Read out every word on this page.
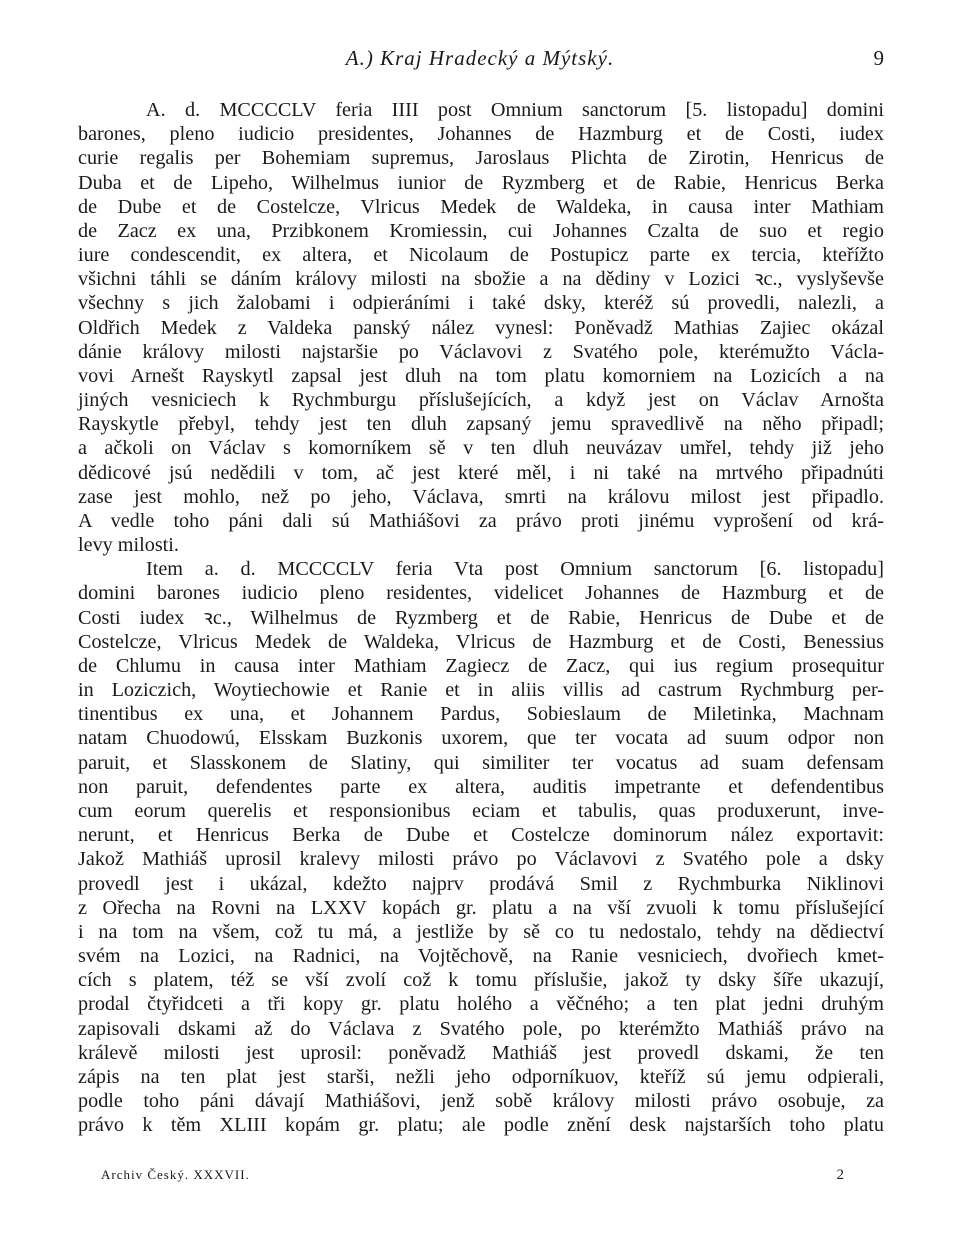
A.) Kraj Hradecký a Mýtský.	9
A. d. MCCCCLV feria IIII post Omnium sanctorum [5. listopadu] domini
barones, pleno iudicio presidentes, Johannes de Hazmburg et de Costi, iudex
curie regalis per Bohemiam supremus, Jaroslaus Plichta de Zirotin, Henricus de
Duba et de Lipeho, Wilhelmus iunior de Ryzmberg et de Rabie, Henricus Berka
de Dube et de Costelcze, Vlricus Medek de Waldeka, in causa inter Mathiam
de Zacz ex una, Przibkonem Kromiessin, cui Johannes Czalta de suo et regio
iure condescendit, ex altera, et Nicolaum de Postupicz parte ex tercia, kteřížto
všichni táhli se dáním královy milosti na sbožie a na dědiny v Lozici ꝛc., vyslyševše
všechny s jich žalobami i odpieráními i také dsky, kteréž sú provedli, nalezli, a
Oldřich Medek z Valdeka panský nález vynesl: Poněvadž Mathias Zajiec okázal
dánie královy milosti najstaršie po Václavovi z Svatého pole, kterémužto Václa-
vovi Arnešt Rayskytl zapsal jest dluh na tom platu komorniem na Lozicích a na
jiných vesniciech k Rychmburgu příslušejících, a když jest on Václav Arnošta
Rayskytle přebyl, tehdy jest ten dluh zapsaný jemu spravedlivě na něho připadl;
a ačkoli on Václav s komorníkem sě v ten dluh neuvázav umřel, tehdy již jeho
dědicové jsú nedědili v tom, ač jest které měl, i ni také na mrtvého připadnúti
zase jest mohlo, než po jeho, Václava, smrti na královu milost jest připadlo.
A vedle toho páni dali sú Mathiášovi za právo proti jinému vyprošení od krá-
levy milosti.
Item a. d. MCCCCLV feria Vta post Omnium sanctorum [6. listopadu]
domini barones iudicio pleno residentes, videlicet Johannes de Hazmburg et de
Costi iudex ꝛc., Wilhelmus de Ryzmberg et de Rabie, Henricus de Dube et de
Costelcze, Vlricus Medek de Waldeka, Vlricus de Hazmburg et de Costi, Benessius
de Chlumu in causa inter Mathiam Zagiecz de Zacz, qui ius regium prosequitur
in Loziczich, Woytiechowie et Ranie et in aliis villis ad castrum Rychmburg per-
tinentibus ex una, et Johannem Pardus, Sobieslaum de Miletinka, Machnam
natam Chuodowú, Elsskam Buzkonis uxorem, que ter vocata ad suum odpor non
paruit, et Slasskonem de Slatiny, qui similiter ter vocatus ad suam defensam
non paruit, defendentes parte ex altera, auditis impetrante et defendentibus
cum eorum querelis et responsionibus eciam et tabulis, quas produxerunt, inve-
nerunt, et Henricus Berka de Dube et Costelcze dominorum nález exportavit:
Jakož Mathiáš uprosil kralevy milosti právo po Václavovi z Svatého pole a dsky
provedl jest i ukázal, kdežto najprv prodává Smil z Rychmburka Niklinovi
z Ořecha na Rovni na LXXV kopách gr. platu a na vší zvuoli k tomu příslušející
i na tom na všem, což tu má, a jestliže by sě co tu nedostalo, tehdy na dědiectví
svém na Lozici, na Radnici, na Vojtěchově, na Ranie vesniciech, dvořiech kmet-
cích s platem, též se vší zvolí což k tomu příslušie, jakož ty dsky šíře ukazují,
prodal čtyřidceti a tři kopy gr. platu holého a věčného; a ten plat jedni druhým
zapisovali dskami až do Václava z Svatého pole, po kterémžto Mathiáš právo na
králevě milosti jest uprosil: poněvadž Mathiáš jest provedl dskami, že ten
zápis na ten plat jest starši, nežli jeho odporníkuov, kteříž sú jemu odpierali,
podle toho páni dávají Mathiášovi, jenž sobě královy milosti právo osobuje, za
právo k těm XLIII kopám gr. platu; ale podle znění desk najstarších toho platu
Archiv Český. XXXVII.	2
